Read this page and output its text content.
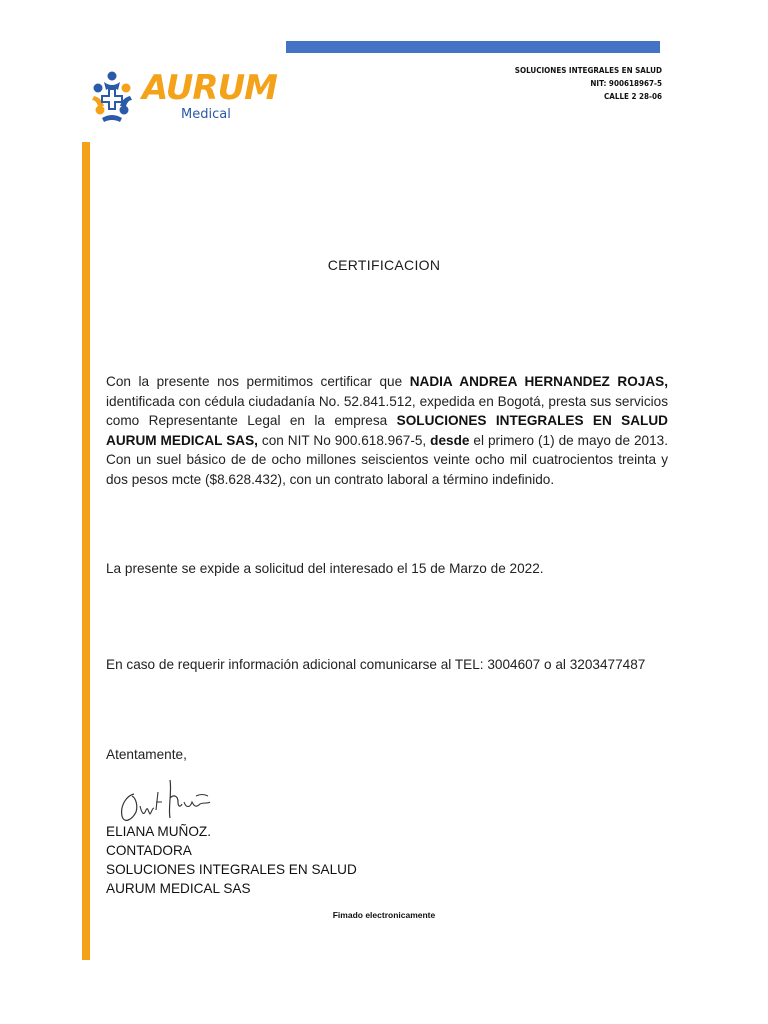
AURUM
Medical
SOLUCIONES INTEGRALES EN SALUD
NIT: 900618967-5
CALLE 2 28-06
CERTIFICACION
Con la presente nos permitimos certificar que NADIA ANDREA HERNANDEZ ROJAS, identificada con cédula ciudadanía No. 52.841.512, expedida en Bogotá, presta sus servicios como Representante Legal en la empresa SOLUCIONES INTEGRALES EN SALUD AURUM MEDICAL SAS, con NIT No 900.618.967-5, desde el primero (1) de mayo de 2013. Con un suel básico de de ocho millones seiscientos veinte ocho mil cuatrocientos treinta y dos pesos mcte ($8.628.432), con un contrato laboral a término indefinido.
La presente se expide a solicitud del interesado el 15 de Marzo de 2022.
En caso de requerir información adicional comunicarse al TEL: 3004607 o al 3203477487
Atentamente,
ELIANA MUÑOZ.
CONTADORA
SOLUCIONES INTEGRALES EN SALUD
AURUM MEDICAL SAS
Fimado electronicamente
